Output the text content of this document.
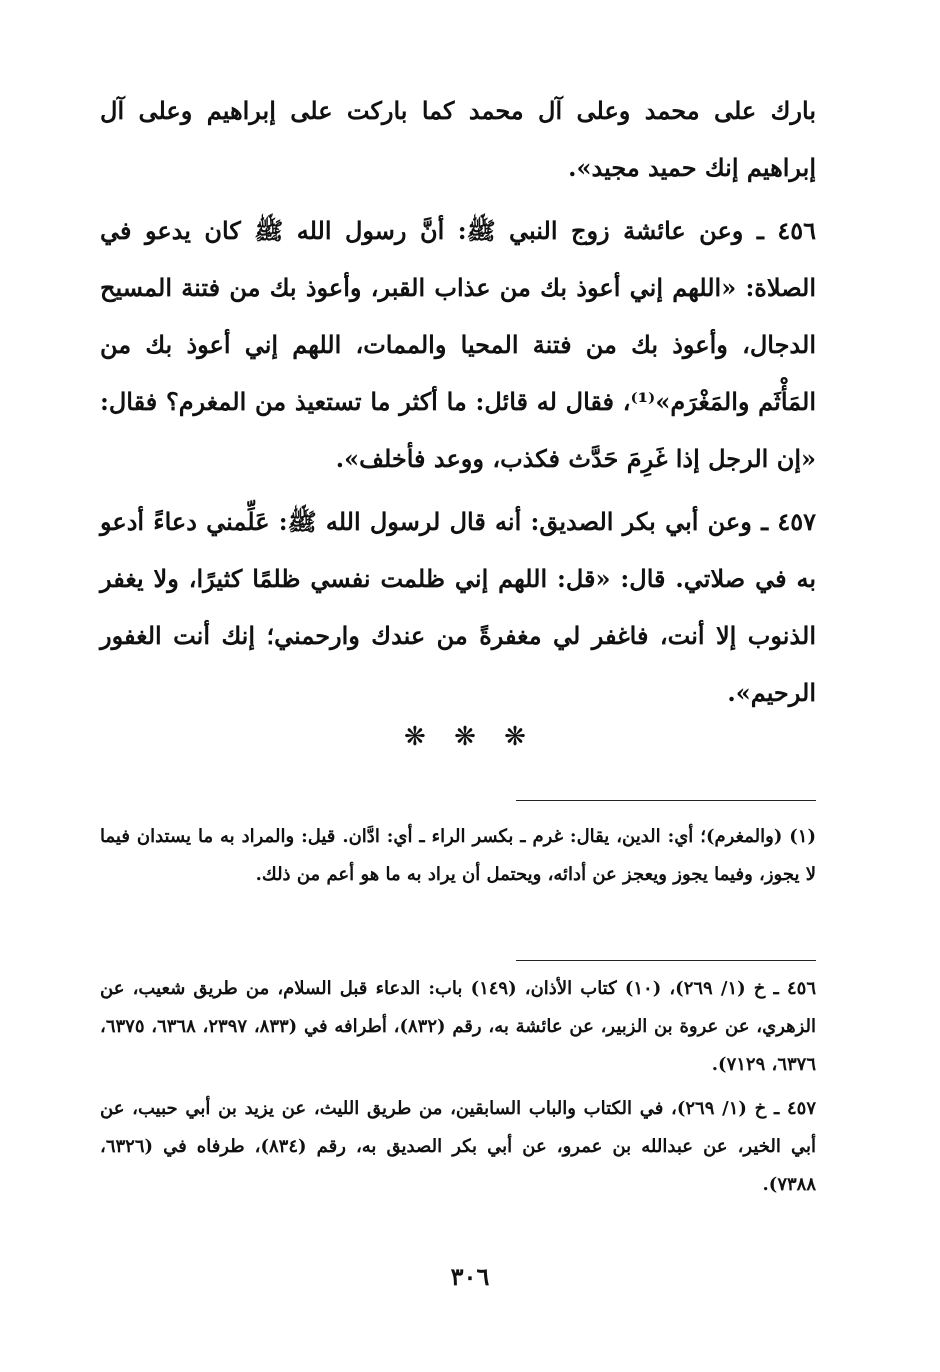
بارك على محمد وعلى آل محمد كما باركت على إبراهيم وعلى آل إبراهيم إنك حميد مجيد».

٤٥٦ ـ وعن عائشة زوج النبي ﷺ: أنَّ رسول الله ﷺ كان يدعو في الصلاة: «اللهم إني أعوذ بك من عذاب القبر، وأعوذ بك من فتنة المسيح الدجال، وأعوذ بك من فتنة المحيا والممات، اللهم إني أعوذ بك من المَأْثَم والمَغْرَم»⁽¹⁾، فقال له قائل: ما أكثر ما تستعيذ من المغرم؟ فقال: «إن الرجل إذا غَرِمَ حَدَّث فكذب، ووعد فأخلف».

٤٥٧ ـ وعن أبي بكر الصديق: أنه قال لرسول الله ﷺ: عَلِّمني دعاءً أدعو به في صلاتي. قال: «قل: اللهم إني ظلمت نفسي ظلمًا كثيرًا، ولا يغفر الذنوب إلا أنت، فاغفر لي مغفرةً من عندك وارحمني؛ إنك أنت الغفور الرحيم».

❋ ❋ ❋

(١) (والمغرم)؛ أي: الدين، يقال: غرم ـ بكسر الراء ـ أي: ادَّان. قيل: والمراد به ما يستدان فيما لا يجوز، وفيما يجوز ويعجز عن أدائه، ويحتمل أن يراد به ما هو أعم من ذلك.

٤٥٦ ـ خ (١/ ٢٦٩)، (١٠) كتاب الأذان، (١٤٩) باب: الدعاء قبل السلام، من طريق شعيب، عن الزهري، عن عروة بن الزبير، عن عائشة به، رقم (٨٣٢)، أطرافه في (٨٣٣، ٢٣٩٧، ٦٣٦٨، ٦٣٧٥، ٦٣٧٦، ٧١٢٩).

٤٥٧ ـ خ (١/ ٢٦٩)، في الكتاب والباب السابقين، من طريق الليث، عن يزيد بن أبي حبيب، عن أبي الخير، عن عبدالله بن عمرو، عن أبي بكر الصديق به، رقم (٨٣٤)، طرفاه في (٦٣٢٦، ٧٣٨٨).

٣٠٦
